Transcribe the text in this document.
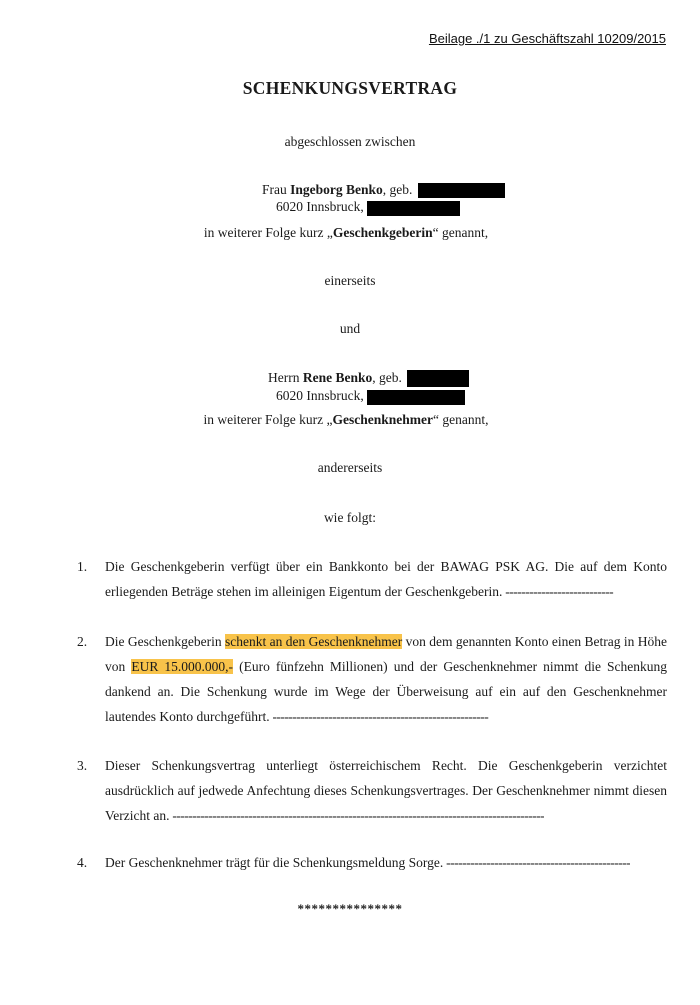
Beilage ./1 zu Geschäftszahl 10209/2015
SCHENKUNGSVERTRAG
abgeschlossen zwischen
Frau Ingeborg Benko, geb.
6020 Innsbruck,
in weiterer Folge kurz „Geschenkgeberin“ genannt,
einerseits
und
Herrn Rene Benko, geb.
6020 Innsbruck,
in weiterer Folge kurz „Geschenknehmer“ genannt,
andererseits
wie folgt:
1. Die Geschenkgeberin verfügt über ein Bankkonto bei der BAWAG PSK AG. Die auf dem Konto erliegenden Beträge stehen im alleinigen Eigentum der Geschenkgeberin. ---------------------------
2. Die Geschenkgeberin schenkt an den Geschenknehmer von dem genannten Konto einen Betrag in Höhe von EUR 15.000.000,- (Euro fünfzehn Millionen) und der Geschenknehmer nimmt die Schenkung dankend an. Die Schenkung wurde im Wege der Überweisung auf ein auf den Geschenknehmer lautendes Konto durchgeführt. ------------------------------------------------------
3. Dieser Schenkungsvertrag unterliegt österreichischem Recht. Die Geschenkgeberin verzichtet ausdrücklich auf jedwede Anfechtung dieses Schenkungsvertrages. Der Geschenknehmer nimmt diesen Verzicht an. ---------------------------------------------------------------------------------------------
4. Der Geschenknehmer trägt für die Schenkungsmeldung Sorge. ----------------------------------------------
***************
